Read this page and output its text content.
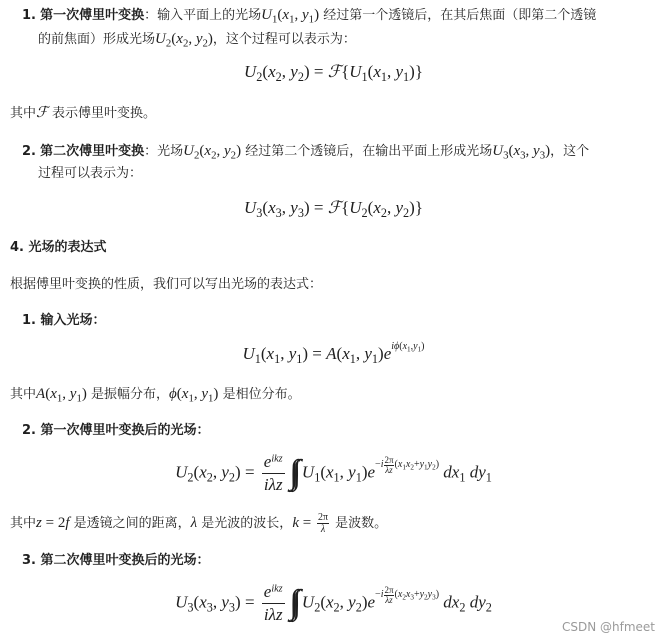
1. 第一次傅里叶变换：输入平面上的光场$U_1(x_1$, $y_1$) 经过第一个透镜后，在其后焦面（即第二个透镜
的前焦面）形成光场$U_2(x_2$, $y_2$)，这个过程可以表示为：
$U_2(x_2$, $y_2$) = $ℱ\{U_1(x_1$, $y_1$)}
其中ℱ 表示傅里叶变换。
2. 第二次傅里叶变换：光场$U_2(x_2$, $y_2$) 经过第二个透镜后，在输出平面上形成光场$U_3(x_3$, $y_3$)，这个
过程可以表示为：
$U_3(x_3$, $y_3$) = $ℱ\{U_2(x_2$, $y_2$)}
4. 光场的表达式
根据傅里叶变换的性质，我们可以写出光场的表达式：
1. 输入光场：
$U_1(x_1$, $y_1) = A(x_1$, $y_1)e^{i\phi(x_1,y_1)}$
其中$A(x_1$, $y_1$) 是振幅分布，$\phi(x_1$, $y_1$) 是相位分布。
2. 第一次傅里叶变换后的光场：
$U_2(x_2$, $y_2) = \frac{e^{ikz}}{\text{iλz}} U_1(x_1$, $y_1)e^{-i \frac{2\pi}{\lambda z} (x_1x_2+y_1y_2)}$ $dx_1$ $dy_1$
其中z = 2f 是透镜之间的距离，λ 是光波的波长，$k = \frac{2\pi}{\lambda}$ 是波数。
3. 第二次傅里叶变换后的光场：
$U_3(x_3$, $y_3) = \frac{e^{ikz}}{\text{iλz}} U_2(x_2$, $y_2)e^{-i \frac{2\pi}{\lambda z} (x_2x_3+y_2y_3)}$ $dx_2$ $dy_2$
CSDN @hfmeet
